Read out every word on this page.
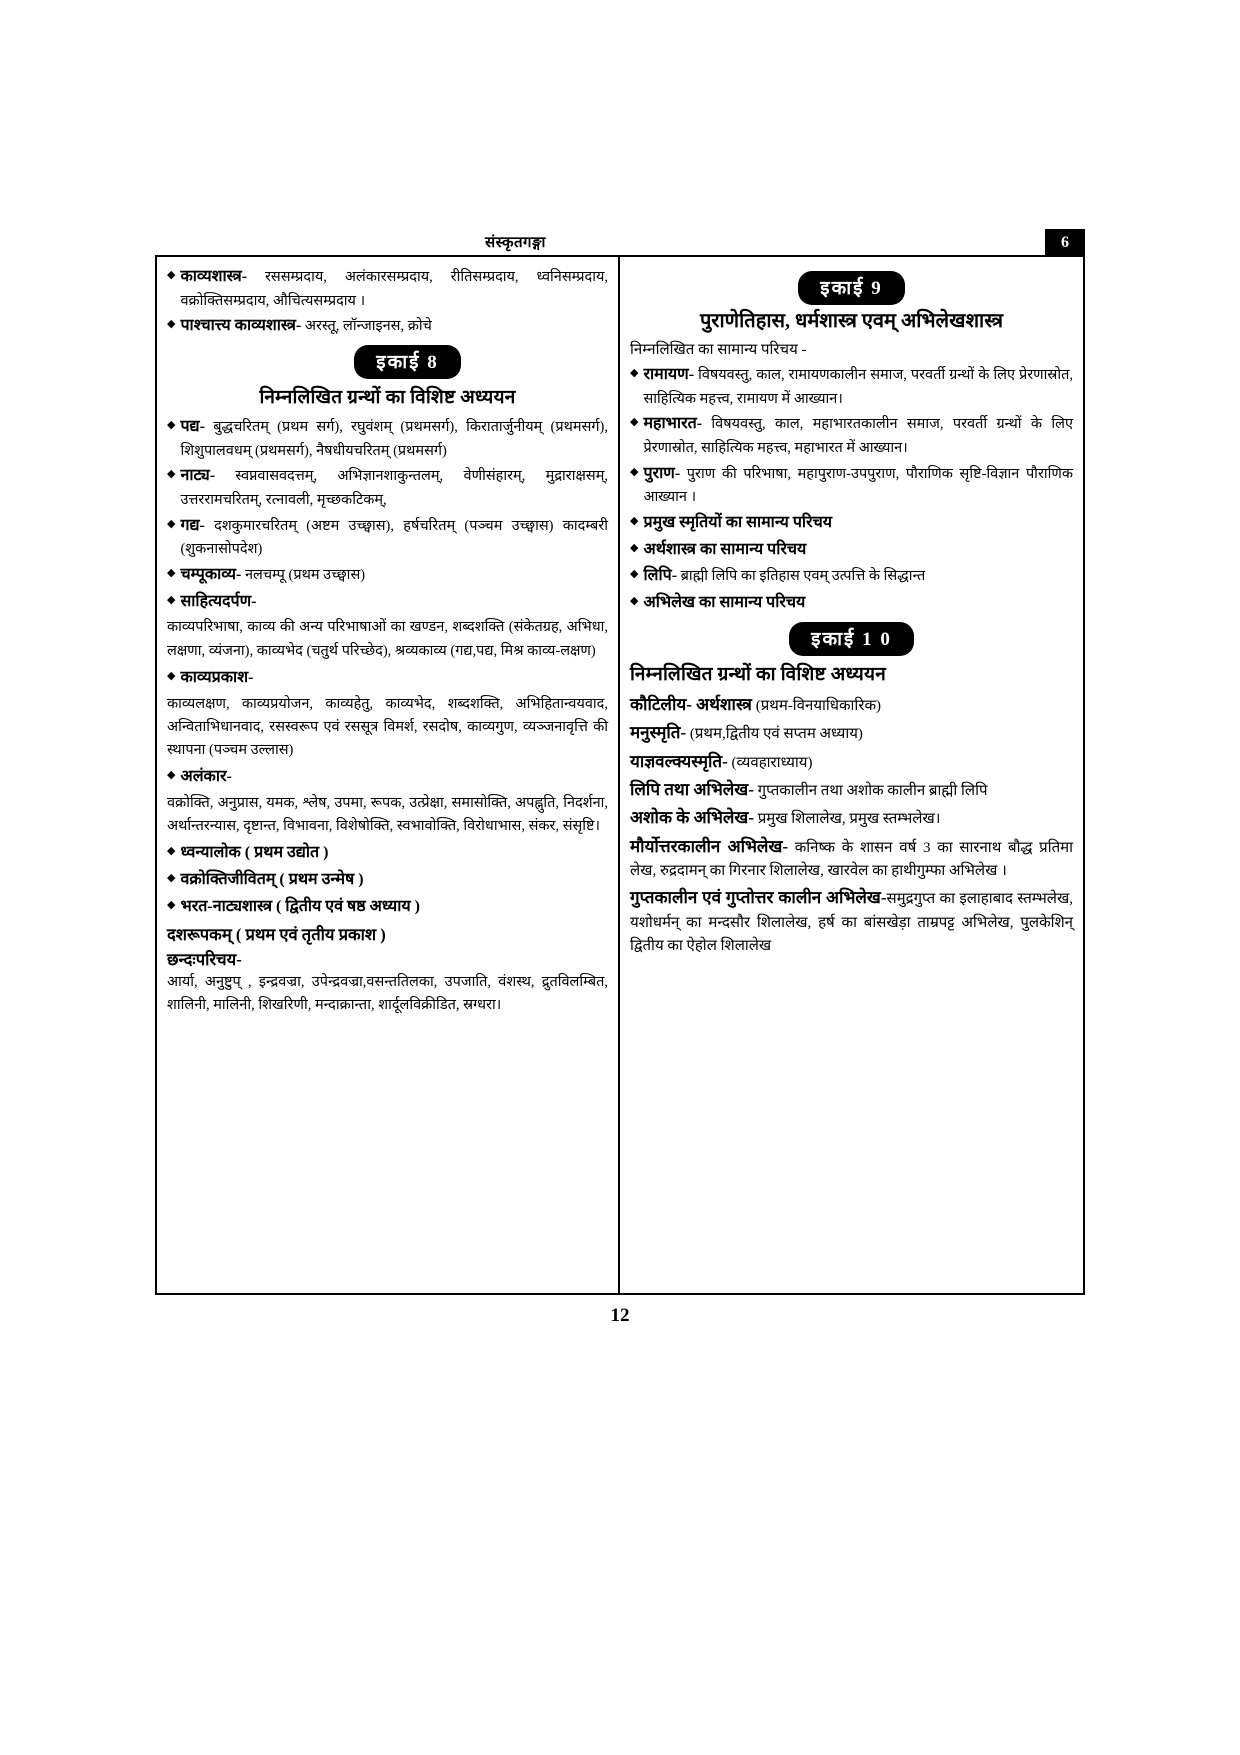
संस्कृतगङ्गा	6
◆ काव्यशास्त्र- रससम्प्रदाय, अलंकारसम्प्रदाय, रीतिसम्प्रदाय, ध्वनिसम्प्रदाय, वक्रोक्तिसम्प्रदाय, औचित्यसम्प्रदाय ।
◆ पाश्चात्त्य काव्यशास्त्र- अरस्तू, लॉन्जाइनस, क्रोचे
इकाई 8
निम्नलिखित ग्रन्थों का विशिष्ट अध्ययन
◆ पद्य- बुद्धचरितम् (प्रथम सर्ग), रघुवंशम् (प्रथमसर्ग), किरातार्जुनीयम् (प्रथमसर्ग), शिशुपालवधम् (प्रथमसर्ग), नैषधीयचरितम् (प्रथमसर्ग)
◆ नाट्य- स्वप्नवासवदत्तम्, अभिज्ञानशाकुन्तलम्, वेणीसंहारम्, मुद्राराक्षसम्, उत्तररामचरितम्, रत्नावली, मृच्छकटिकम्,
◆ गद्य- दशकुमारचरितम् (अष्टम उच्छ्वास), हर्षचरितम् (पञ्चम उच्छ्वास) कादम्बरी (शुकनासोपदेश)
◆ चम्पूकाव्य- नलचम्पू (प्रथम उच्छ्वास)
◆ साहित्यदर्पण-
काव्यपरिभाषा, काव्य की अन्य परिभाषाओं का खण्डन, शब्दशक्ति (संकेतग्रह, अभिधा, लक्षणा, व्यंजना), काव्यभेद (चतुर्थ परिच्छेद), श्रव्यकाव्य (गद्य,पद्य, मिश्र काव्य-लक्षण)
◆ काव्यप्रकाश-
काव्यलक्षण, काव्यप्रयोजन, काव्यहेतु, काव्यभेद, शब्दशक्ति, अभिहितान्वयवाद, अन्विताभिधानवाद, रसस्वरूप एवं रससूत्र विमर्श, रसदोष, काव्यगुण, व्यञ्जनावृत्ति की स्थापना (पञ्चम उल्लास)
◆ अलंकार-
वक्रोक्ति, अनुप्रास, यमक, श्लेष, उपमा, रूपक, उत्प्रेक्षा, समासोक्ति, अपह्नुति, निदर्शना, अर्थान्तरन्यास, दृष्टान्त, विभावना, विशेषोक्ति, स्वभावोक्ति, विरोधाभास, संकर, संसृष्टि।
◆ ध्वन्यालोक ( प्रथम उद्योत )
◆ वक्रोक्तिजीवितम् ( प्रथम उन्मेष )
◆ भरत-नाट्यशास्त्र ( द्वितीय एवं षष्ठ अध्याय )
दशरूपकम् ( प्रथम एवं तृतीय प्रकाश )
छन्दःपरिचय-
आर्या, अनुष्टुप् , इन्द्रवज्रा, उपेन्द्रवज्रा,वसन्ततिलका, उपजाति, वंशस्थ, द्रुतविलम्बित, शालिनी, मालिनी, शिखरिणी, मन्दाक्रान्ता, शार्दूलविक्रीडित, स्रग्धरा।
इकाई 9
पुराणेतिहास, धर्मशास्त्र एवम् अभिलेखशास्त्र
निम्नलिखित का सामान्य परिचय -
◆ रामायण- विषयवस्तु, काल, रामायणकालीन समाज, परवर्ती ग्रन्थों के लिए प्रेरणास्रोत, साहित्यिक महत्त्व, रामायण में आख्यान।
◆ महाभारत- विषयवस्तु, काल, महाभारतकालीन समाज, परवर्ती ग्रन्थों के लिए प्रेरणास्रोत, साहित्यिक महत्त्व, महाभारत में आख्यान।
◆ पुराण- पुराण की परिभाषा, महापुराण-उपपुराण, पौराणिक सृष्टि-विज्ञान पौराणिक आख्यान ।
◆ प्रमुख स्मृतियों का सामान्य परिचय
◆ अर्थशास्त्र का सामान्य परिचय
◆ लिपि- ब्राह्मी लिपि का इतिहास एवम् उत्पत्ति के सिद्धान्त
◆ अभिलेख का सामान्य परिचय
इकाई 1 0
निम्नलिखित ग्रन्थों का विशिष्ट अध्ययन
कौटिलीय- अर्थशास्त्र (प्रथम-विनयाधिकारिक)
मनुस्मृति- (प्रथम,द्वितीय एवं सप्तम अध्याय)
याज्ञवल्क्यस्मृति- (व्यवहाराध्याय)
लिपि तथा अभिलेख- गुप्तकालीन तथा अशोक कालीन ब्राह्मी लिपि
अशोक के अभिलेख- प्रमुख शिलालेख, प्रमुख स्तम्भलेख।
मौर्योत्तरकालीन अभिलेख- कनिष्क के शासन वर्ष 3 का सारनाथ बौद्ध प्रतिमा लेख, रुद्रदामन् का गिरनार शिलालेख, खारवेल का हाथीगुम्फा अभिलेख ।
गुप्तकालीन एवं गुप्तोत्तर कालीन अभिलेख-समुद्रगुप्त का इलाहाबाद स्तम्भलेख, यशोधर्मन् का मन्दसौर शिलालेख, हर्ष का बांसखेड़ा ताम्रपट्ट अभिलेख, पुलकेशिन् द्वितीय का ऐहोल शिलालेख
12
